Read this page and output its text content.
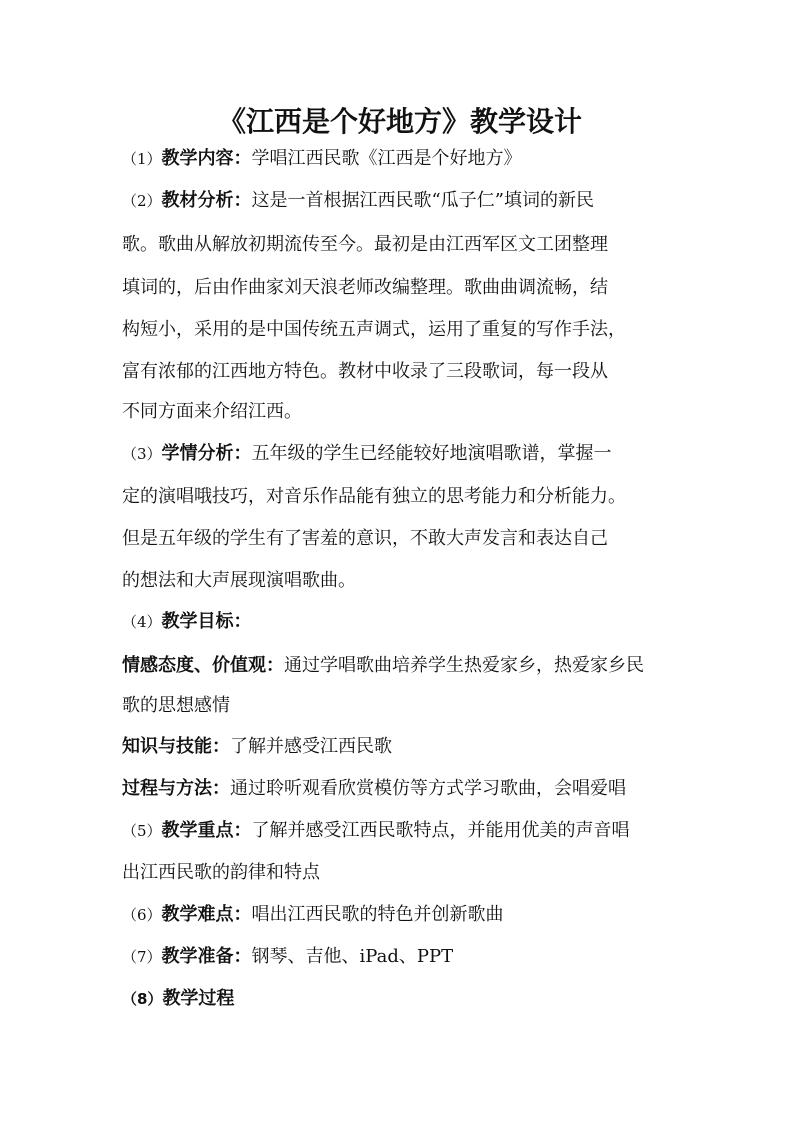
《江西是个好地方》教学设计
（1）教学内容：学唱江西民歌《江西是个好地方》
（2）教材分析：这是一首根据江西民歌“瓜子仁”填词的新民
歌。歌曲从解放初期流传至今。最初是由江西军区文工团整理
填词的，后由作曲家刘天浪老师改编整理。歌曲曲调流畅，结
构短小，采用的是中国传统五声调式，运用了重复的写作手法，
富有浓郁的江西地方特色。教材中收录了三段歌词，每一段从
不同方面来介绍江西。
（3）学情分析：五年级的学生已经能较好地演唱歌谱，掌握一
定的演唱哦技巧，对音乐作品能有独立的思考能力和分析能力。
但是五年级的学生有了害羞的意识，不敢大声发言和表达自己
的想法和大声展现演唱歌曲。
（4）教学目标：
情感态度、价值观：通过学唱歌曲培养学生热爱家乡，热爱家乡民
歌的思想感情
知识与技能：了解并感受江西民歌
过程与方法：通过聆听观看欣赏模仿等方式学习歌曲，会唱爱唱
（5）教学重点：了解并感受江西民歌特点，并能用优美的声音唱
出江西民歌的韵律和特点
（6）教学难点：唱出江西民歌的特色并创新歌曲
（7）教学准备：钢琴、吉他、iPad、PPT
（8）教学过程
